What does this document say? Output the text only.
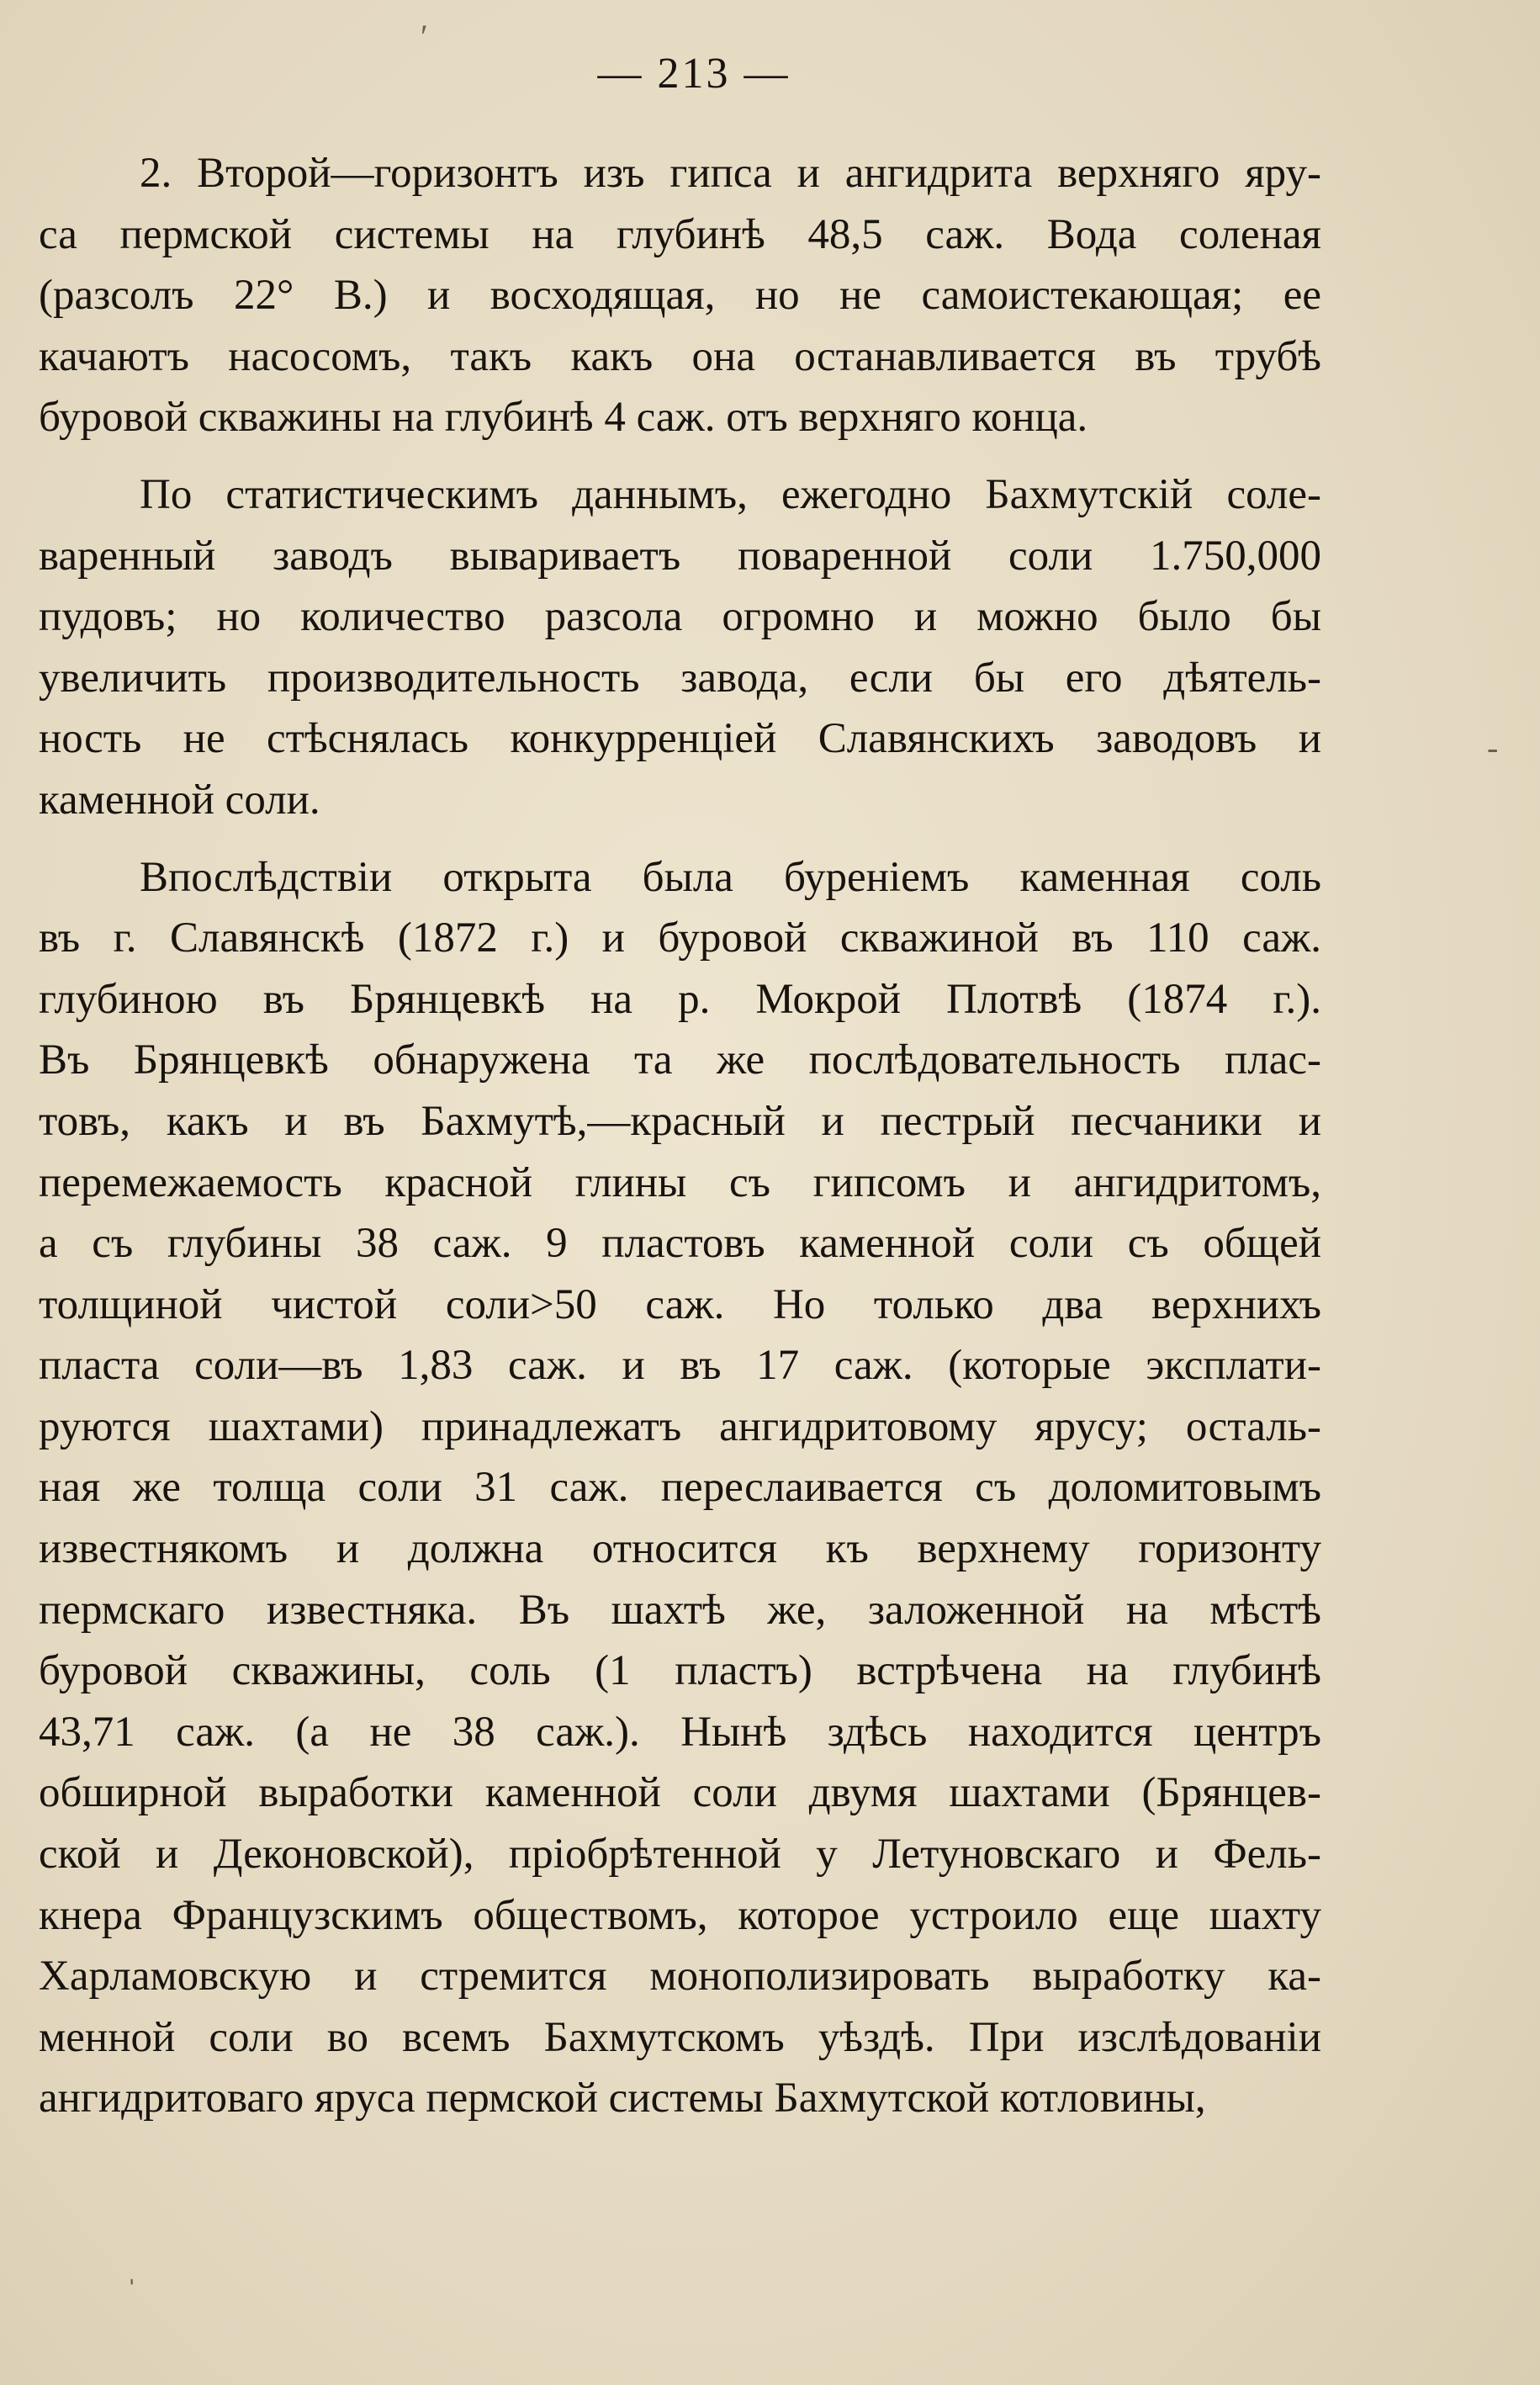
— 213 —

2. Второй—горизонтъ изъ гипса и ангидрита верхняго яру-
са пермской системы на глубинѣ 48,5 саж. Вода соленая
(разсолъ 22° В.) и восходящая, но не самоистекающая; ее
качаютъ насосомъ, такъ какъ она останавливается въ трубѣ
буровой скважины на глубинѣ 4 саж. отъ верхняго конца.

По статистическимъ даннымъ, ежегодно Бахмутскій соле-
варенный заводъ вывариваетъ поваренной соли 1.750,000
пудовъ; но количество разсола огромно и можно было бы
увеличить производительность завода, если бы его дѣятель-
ность не стѣснялась конкурренціей Славянскихъ заводовъ и
каменной соли.

Впослѣдствіи открыта была буреніемъ каменная соль
въ г. Славянскѣ (1872 г.) и буровой скважиной въ 110 саж.
глубиною въ Брянцевкѣ на р. Мокрой Плотвѣ (1874 г.).
Въ Брянцевкѣ обнаружена та же послѣдовательность плас-
товъ, какъ и въ Бахмутѣ,—красный и пестрый песчаники и
перемежаемость красной глины съ гипсомъ и ангидритомъ,
а съ глубины 38 саж. 9 пластовъ каменной соли съ общей
толщиной чистой соли>50 саж. Но только два верхнихъ
пласта соли—въ 1,83 саж. и въ 17 саж. (которые эксплати-
руются шахтами) принадлежатъ ангидритовому ярусу; осталь-
ная же толща соли 31 саж. переслаивается съ доломитовымъ
известнякомъ и должна относится къ верхнему горизонту
пермскаго известняка. Въ шахтѣ же, заложенной на мѣстѣ
буровой скважины, соль (1 пластъ) встрѣчена на глубинѣ
43,71 саж. (а не 38 саж.). Нынѣ здѣсь находится центръ
обширной выработки каменной соли двумя шахтами (Брянцев-
ской и Деконовской), пріобрѣтенной у Летуновскаго и Фель-
кнера Французскимъ обществомъ, которое устроило еще шахту
Харламовскую и стремится монополизировать выработку ка-
менной соли во всемъ Бахмутскомъ уѣздѣ. При изслѣдованіи
ангидритоваго яруса пермской системы Бахмутской котловины,

′
-
ˈ
